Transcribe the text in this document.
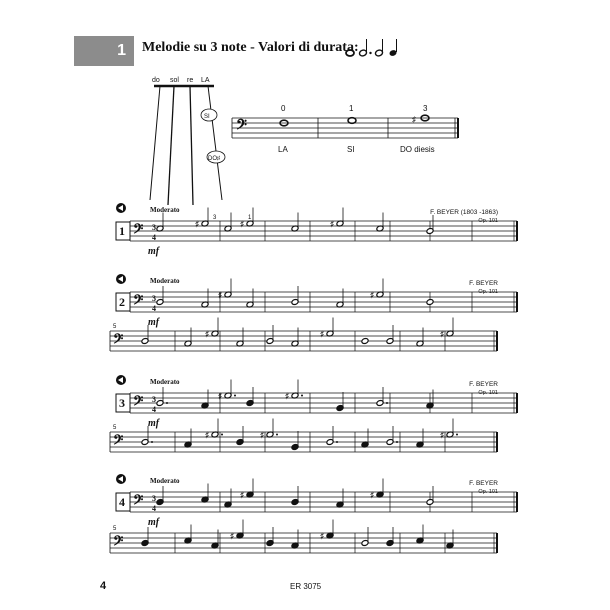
1 Melodie su 3 note - Valori di durata:
do sol re LA
SI
DO♯
𝄢
0	1	3
♯
LA	SI	DO diesis
1
Moderato	F. BEYER (1803 -1863)
Op. 101
mf
𝄢 3
4
♯	♯	♯
3	1
2
Moderato	F. BEYER
Op. 101
mf
𝄢 3
4
♯	♯
5
𝄢	♯	♯	♯
3
Moderato	F. BEYER
Op. 101
mf
𝄢 3
4
♯	♯
5
𝄢	♯	♯	♯
4
Moderato	F. BEYER
Op. 101
mf
𝄢 3
4
♯	♯
5
𝄢	♯	♯
4	ER 3075
